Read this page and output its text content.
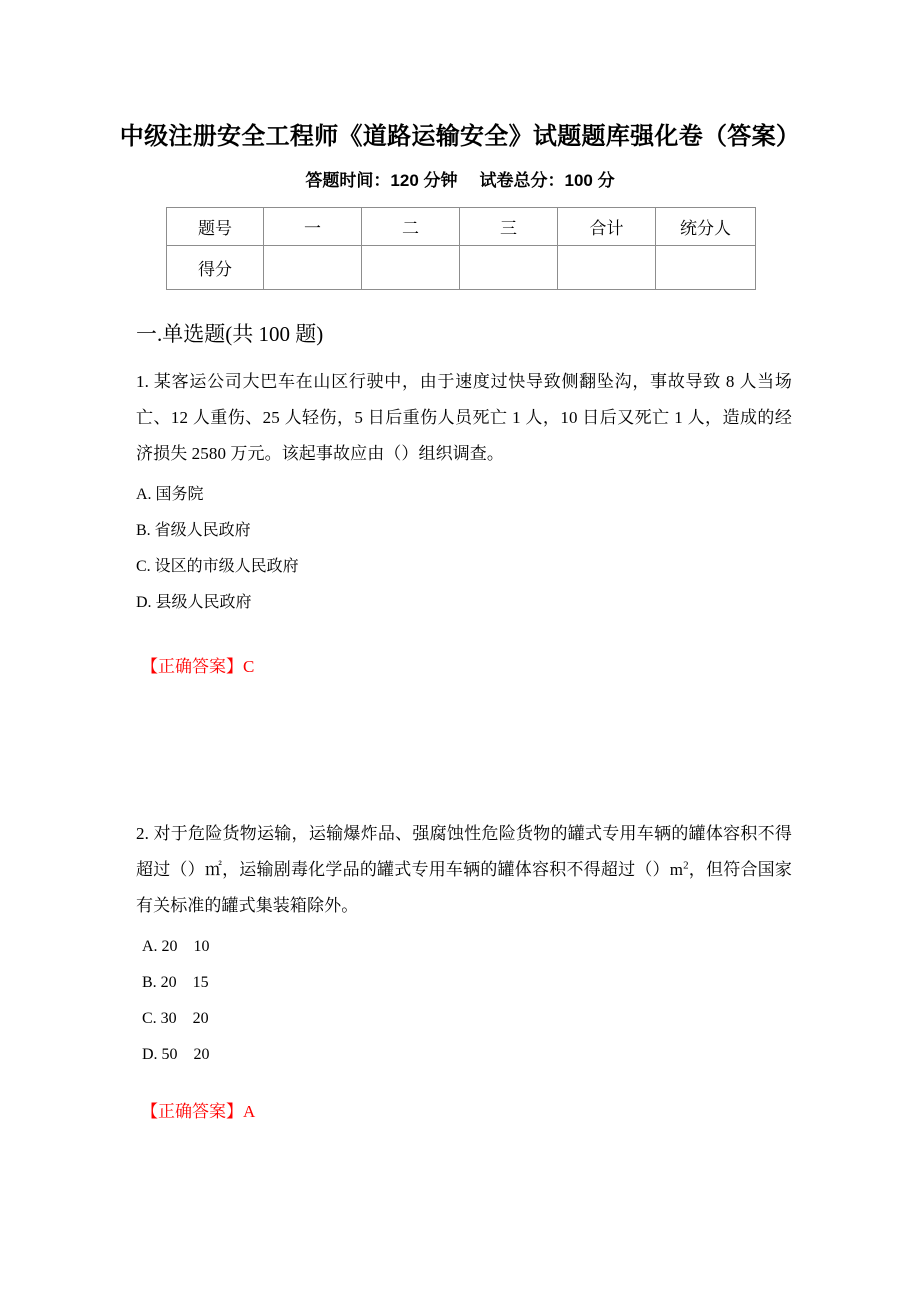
中级注册安全工程师《道路运输安全》试题题库强化卷（答案）
答题时间：120 分钟 试卷总分：100 分
题号	一	二	三	合计	统分人
得分					
一.单选题(共 100 题)

1. 某客运公司大巴车在山区行驶中，由于速度过快导致侧翻坠沟，事故导致 8 人当场亡、12 人重伤、25 人轻伤，5 日后重伤人员死亡 1 人，10 日后又死亡 1 人，造成的经济损失 2580 万元。该起事故应由（）组织调查。

A. 国务院
B. 省级人民政府
C. 设区的市级人民政府
D. 县级人民政府
【正确答案】C

2. 对于危险货物运输，运输爆炸品、强腐蚀性危险货物的罐式专用车辆的罐体容积不得超过（）㎡，运输剧毒化学品的罐式专用车辆的罐体容积不得超过$()m^2$，但符合国家有关标准的罐式集装箱除外。

A. 20    10
B. 20    15
C. 30    20
D. 50    20
【正确答案】A
